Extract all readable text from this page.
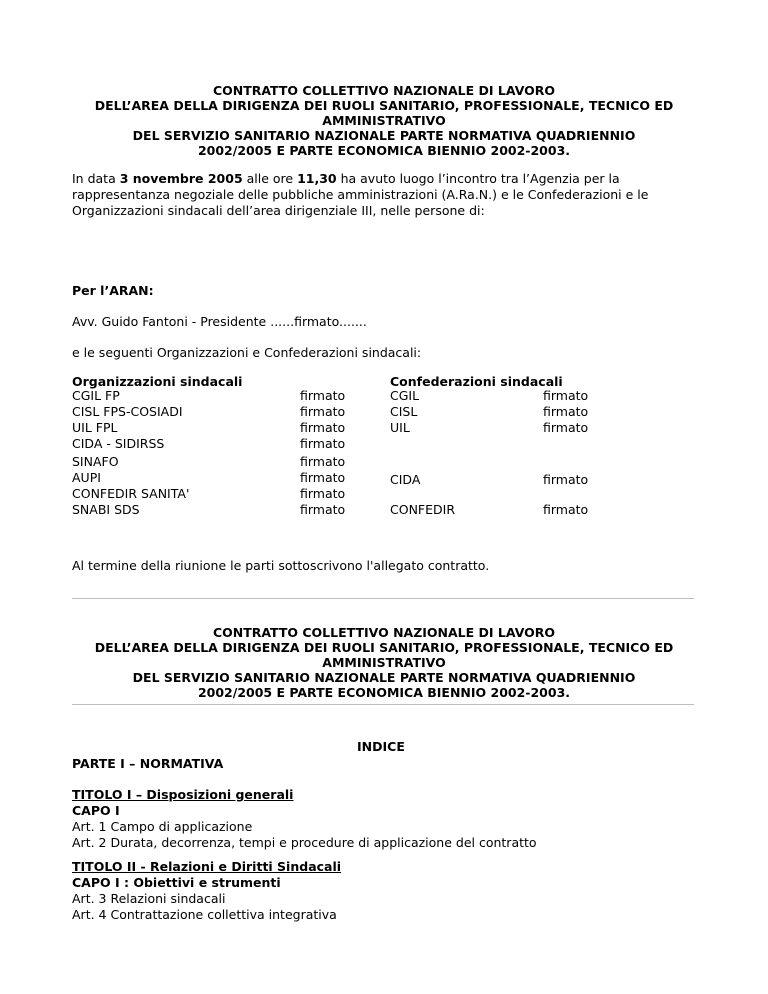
CONTRATTO COLLETTIVO NAZIONALE DI LAVORO
DELL’AREA DELLA DIRIGENZA DEI RUOLI SANITARIO, PROFESSIONALE, TECNICO ED
AMMINISTRATIVO
DEL SERVIZIO SANITARIO NAZIONALE PARTE NORMATIVA QUADRIENNIO
2002/2005 E PARTE ECONOMICA BIENNIO 2002-2003.
In data 3 novembre 2005 alle ore 11,30 ha avuto luogo l’incontro tra l’Agenzia per la rappresentanza negoziale delle pubbliche amministrazioni (A.Ra.N.) e le Confederazioni e le Organizzazioni sindacali dell’area dirigenziale III, nelle persone di:
Per l’ARAN:
Avv. Guido Fantoni - Presidente ......firmato.......
e le seguenti Organizzazioni e Confederazioni sindacali:
Organizzazioni sindacali
CGIL FP
CISL FPS-COSIADI
UIL FPL
CIDA - SIDIRSS
SINAFO
AUPI
CONFEDIR SANITA'
SNABI SDS
firmato
firmato
firmato
firmato
firmato
firmato
firmato
firmato
Confederazioni sindacali
CGIL
CISL
UIL
CIDA
CONFEDIR
firmato
firmato
firmato
firmato
firmato
Al termine della riunione le parti sottoscrivono l'allegato contratto.
CONTRATTO COLLETTIVO NAZIONALE DI LAVORO
DELL’AREA DELLA DIRIGENZA DEI RUOLI SANITARIO, PROFESSIONALE, TECNICO ED
AMMINISTRATIVO
DEL SERVIZIO SANITARIO NAZIONALE PARTE NORMATIVA QUADRIENNIO
2002/2005 E PARTE ECONOMICA BIENNIO 2002-2003.
INDICE
PARTE I – NORMATIVA
TITOLO I – Disposizioni generali
CAPO I
Art. 1 Campo di applicazione
Art. 2 Durata, decorrenza, tempi e procedure di applicazione del contratto
TITOLO II - Relazioni e Diritti Sindacali
CAPO I : Obiettivi e strumenti
Art. 3 Relazioni sindacali
Art. 4 Contrattazione collettiva integrativa
